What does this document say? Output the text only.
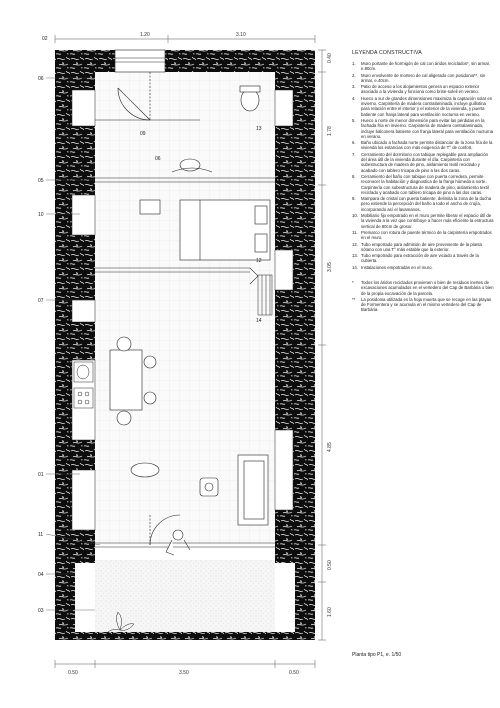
1.20	3.10
0.50	3.50	0.50
0.40
1.78
3.05
4.85
0.50
1.60
02
06
05
10
07
01
11
04
03
09
06
13
12
14
1
LEYENDA CONSTRUCTIVA
1.	Muro portante de hormigón de cal con áridos reciclados*, sin armar, e.80cm.
2.	Muro envolvente de mortero de cal aligerado con posidonia**, sin armar, e.40cm.
3.	Patio de acceso a los alojamientos genera un espacio exterior asociado a la vivienda y funciona como brise-soleil en verano.
4.	Hueco a sur de grandes dimensiones maximiza la captación solar en invierno. Carpintería de madera contralaminada, incluye guillotina para relación entre el interior y el exterior de la vivienda, y puerta batiente con franja lateral para ventilación nocturna en verano.
5.	Hueco a norte de menor dimensión para evitar las pérdidas en la fachada fría en invierno. Carpintería de madera contralaminada, incluye balconera batiente con franja lateral para ventilación nocturna en verano.
6.	Baño ubicado a fachada norte permite distanciar de la zona fría de la vivienda los estancias con más exigencia de T° de confort.
7.	Cerramiento del dormitorio con tabique replegable para ampliación del área útil de la vivienda durante el día. Carpintería con subestructura de madera de pino, aislamiento textil reciclado y acabado con tablero tricapa de pino a las dos caras.
8.	Cerramiento del baño con tabique con puerta corredera, permite reconocer la habitación y diagnostica de la franja húmeda a norte. Carpintería con subestructura de madera de pino, aislamiento textil reciclado y acabado con tablero tricapa de pino a las dos caras.
9.	Mampara de cristal con puerta batiente, delimita la zona de la ducha pero extiende la percepción del baño a todo el ancho de crujía, incorporando así el lavamanos.
10. Mobiliario fijo empotrado en el muro permite liberar el espacio útil de la vivienda a la vez que contribuye a hacer más eficiente la estructura vertical de 80cm de grosor.
11. Premarco con rotura de puente térmico de la carpintería empotrados en el muro.
12. Tubo empotrado para admisión de aire proveniente de la planta sótano con una T° más estable que la exterior.
13. Tubo empotrado para extracción de aire viciado a través de la cubierta.
14. Instalaciones empotradas en el muro.
*	Todos los áridos reciclados provienen o bien de residuos inertes de excavaciones acumulados en el vertedero del Cap de Barbària o bien de la propia excavación de la parcela.
**	La posidonia utilizada es la hoja muerta que se recoge en las playas de Formentera y se acumula en el mismo vertedero del Cap de Barbària.
Planta tipo P1, e. 1/50
